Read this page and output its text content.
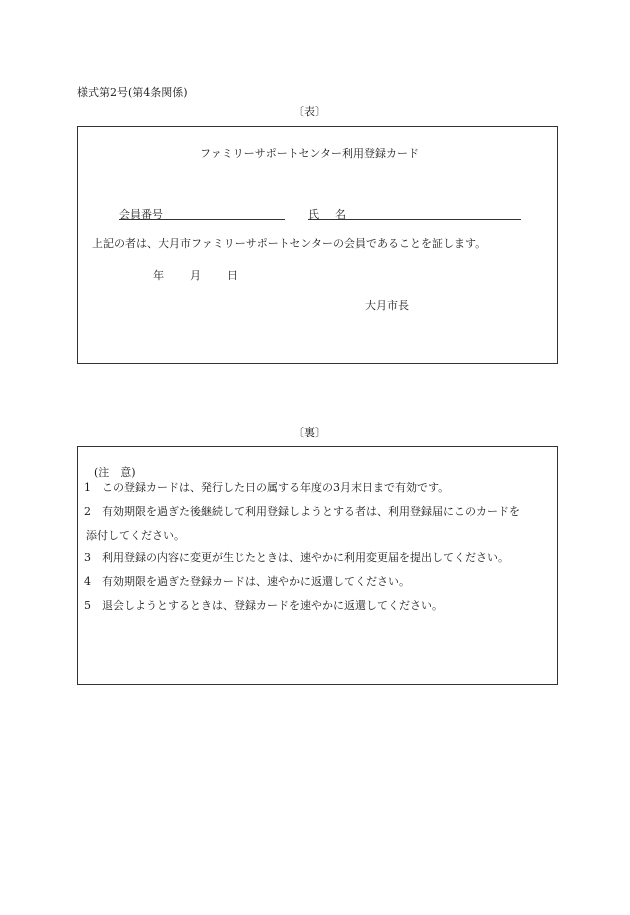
様式第2号(第4条関係)
〔表〕
ファミリーサポートセンター利用登録カード
会員番号	氏 名
上記の者は、大月市ファミリーサポートセンターの会員であることを証します。
年 月 日
大月市長
〔裏〕
(注　意)
1　この登録カードは、発行した日の属する年度の3月末日まで有効です。
2　有効期限を過ぎた後継続して利用登録しようとする者は、利用登録届にこのカードを
添付してください。
3　利用登録の内容に変更が生じたときは、速やかに利用変更届を提出してください。
4　有効期限を過ぎた登録カードは、速やかに返還してください。
5　退会しようとするときは、登録カードを速やかに返還してください。
